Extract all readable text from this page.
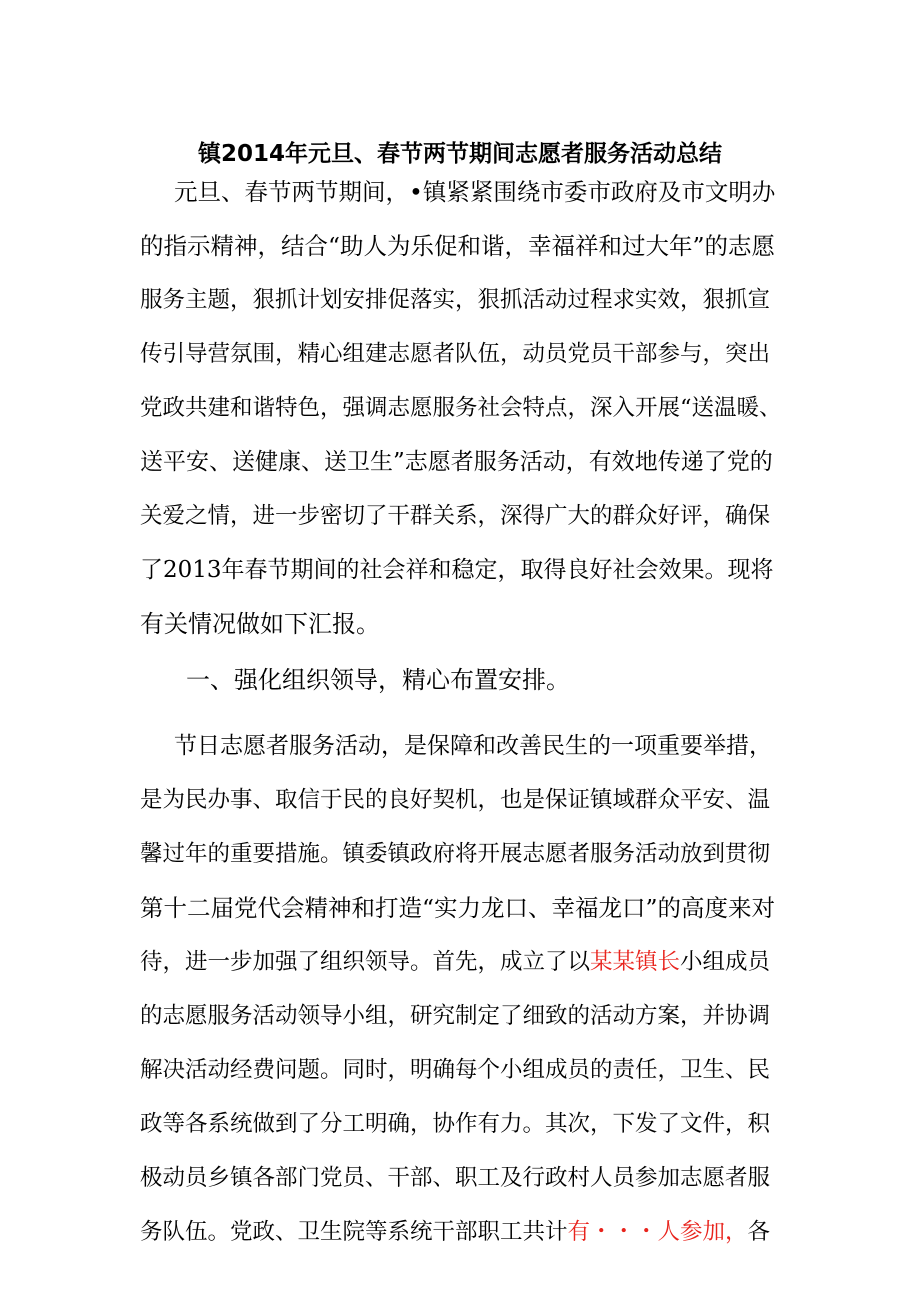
镇2014年元旦、春节两节期间志愿者服务活动总结
元旦、春节两节期间，•镇紧紧围绕市委市政府及市文明办
的指示精神，结合“助人为乐促和谐，幸福祥和过大年”的志愿
服务主题，狠抓计划安排促落实，狠抓活动过程求实效，狠抓宣
传引导营氛围，精心组建志愿者队伍，动员党员干部参与，突出
党政共建和谐特色，强调志愿服务社会特点，深入开展“送温暖、
送平安、送健康、送卫生”志愿者服务活动，有效地传递了党的
关爱之情，进一步密切了干群关系，深得广大的群众好评，确保
了2013年春节期间的社会祥和稳定，取得良好社会效果。现将
有关情况做如下汇报。
一、强化组织领导，精心布置安排。
节日志愿者服务活动，是保障和改善民生的一项重要举措，
是为民办事、取信于民的良好契机，也是保证镇域群众平安、温
馨过年的重要措施。镇委镇政府将开展志愿者服务活动放到贯彻
第十二届党代会精神和打造“实力龙口、幸福龙口”的高度来对
待，进一步加强了组织领导。首先，成立了以某某镇长小组成员
的志愿服务活动领导小组，研究制定了细致的活动方案，并协调
解决活动经费问题。同时，明确每个小组成员的责任，卫生、民
政等各系统做到了分工明确，协作有力。其次，下发了文件，积
极动员乡镇各部门党员、干部、职工及行政村人员参加志愿者服
务队伍。党政、卫生院等系统干部职工共计有・・・人参加，各
